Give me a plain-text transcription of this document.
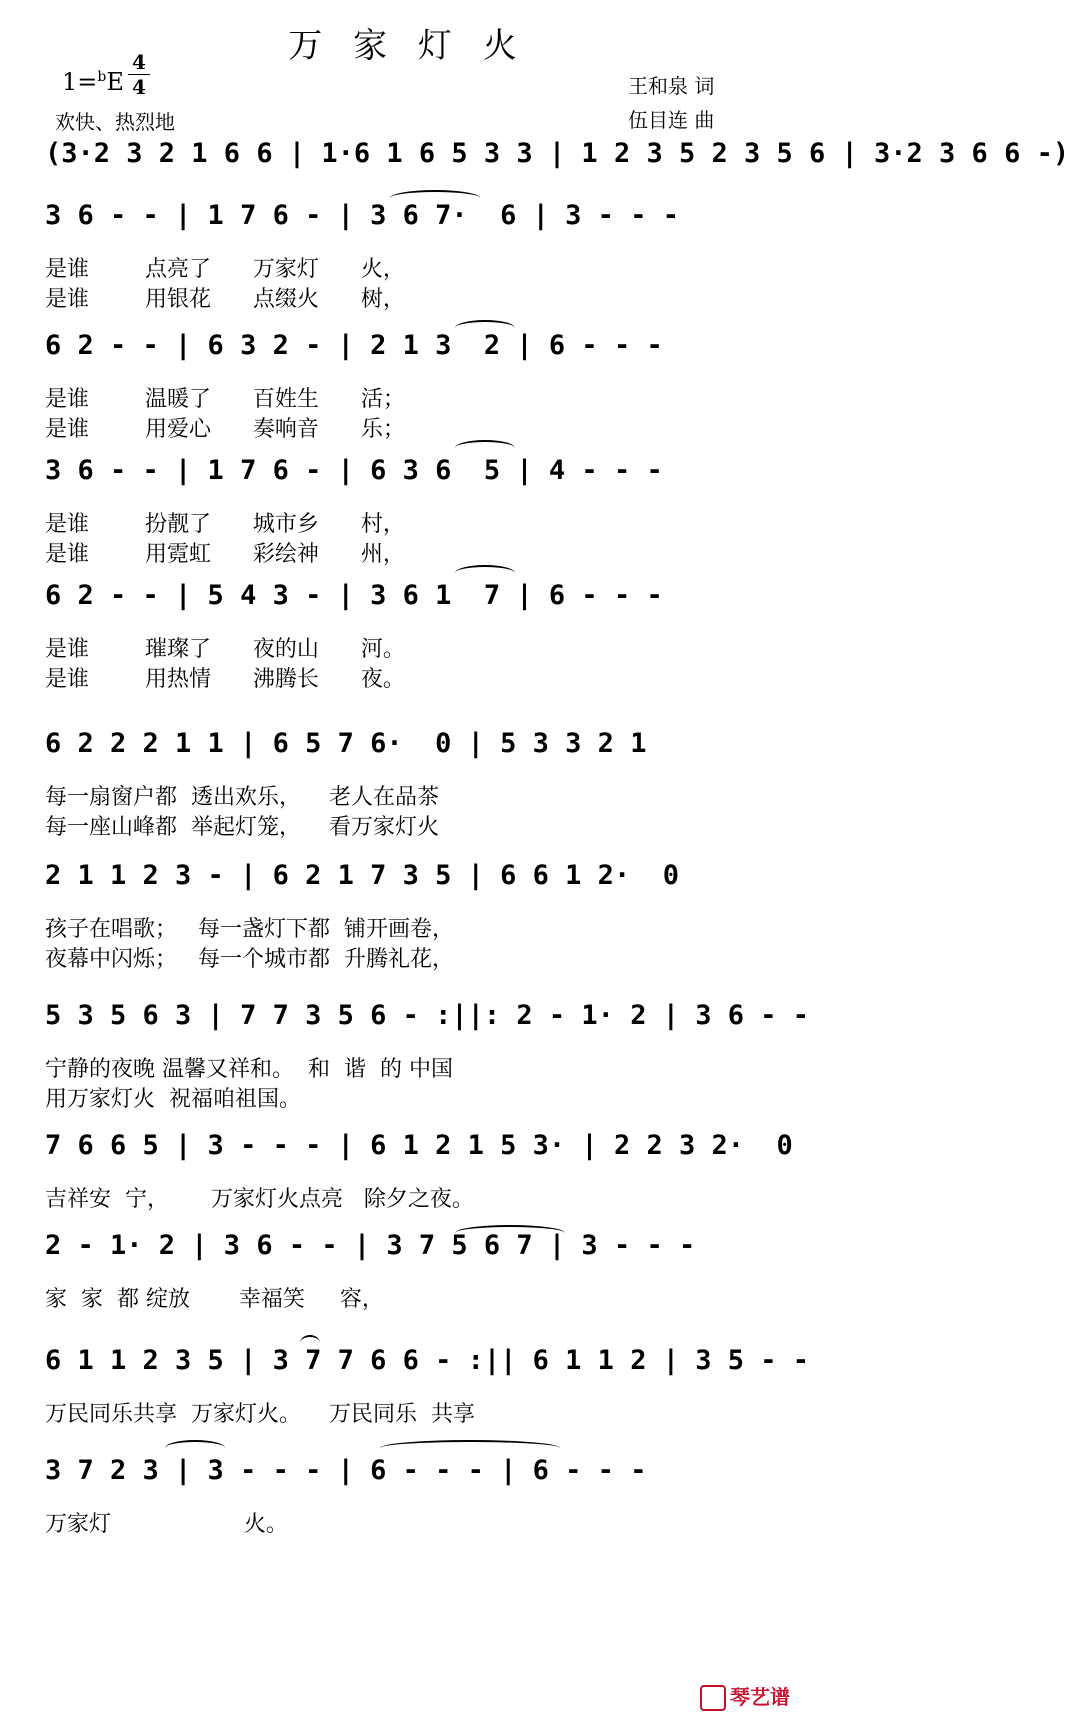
万 家 灯 火
1=$^b$E
4
4
欢快、热烈地
王和泉 词
伍目连 曲
(3·2 3 2 1 6 6 | 1·6 1 6 5 3 3 | 1 2 3 5 2 3 5 6 | 3·2 3 6 6 -)
3 6 - - | 1 7 6 - | 3 6 7·  6 | 3 - - -
是谁        点亮了      万家灯      火，
是谁        用银花      点缀火      树，
6 2 - - | 6 3 2 - | 2 1 3  2 | 6 - - -
是谁        温暖了      百姓生      活；
是谁        用爱心      奏响音      乐；
3 6 - - | 1 7 6 - | 6 3 6  5 | 4 - - -
是谁        扮靓了      城市乡      村，
是谁        用霓虹      彩绘神      州，
6 2 - - | 5 4 3 - | 3 6 1  7 | 6 - - -
是谁        璀璨了      夜的山      河。
是谁        用热情      沸腾长      夜。
6 2 2 2 1 1 | 6 5 7 6·  0 | 5 3 3 2 1
每一扇窗户都  透出欢乐，    老人在品茶
每一座山峰都  举起灯笼，    看万家灯火
2 1 1 2 3 - | 6 2 1 7 3 5 | 6 6 1 2·  0
孩子在唱歌；   每一盏灯下都  铺开画卷，
夜幕中闪烁；   每一个城市都  升腾礼花，
5 3 5 6 3 | 7 7 3 5 6 - :||: 2 - 1· 2 | 3 6 - -
宁静的夜晚 温馨又祥和。  和  谐  的 中国
用万家灯火  祝福咱祖国。
7 6 6 5 | 3 - - - | 6 1 2 1 5 3· | 2 2 3 2·  0
吉祥安  宁，      万家灯火点亮   除夕之夜。
2 - 1· 2 | 3 6 - - | 3 7 5 6 7 | 3 - - -
家  家  都 绽放       幸福笑     容，
6 1 1 2 3 5 | 3 7 7 6 6 - :|| 6 1 1 2 | 3 5 - -
万民同乐共享  万家灯火。    万民同乐  共享
3 7 2 3 | 3 - - - | 6 - - - | 6 - - -
万家灯                   火。
琴艺谱
